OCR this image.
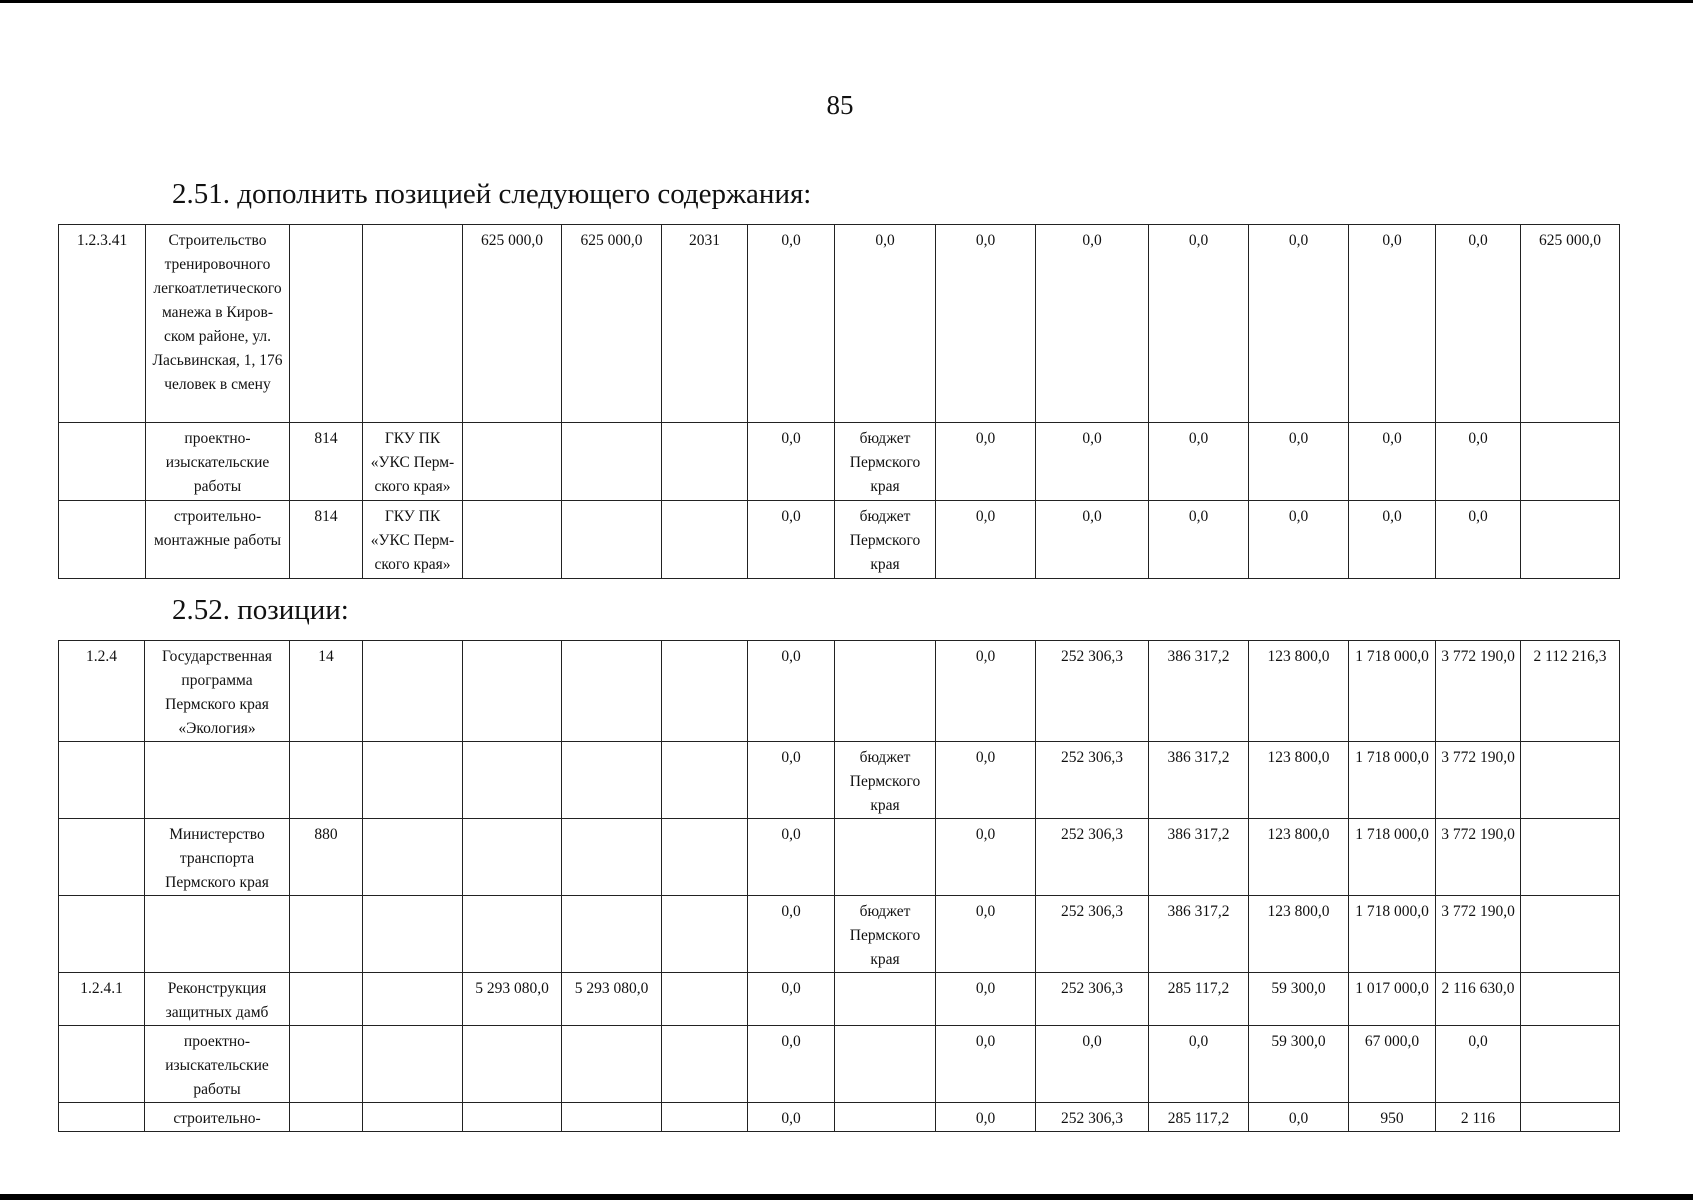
85
2.51. дополнить позицией следующего содержания:
1.2.3.41	Строительство тренировочного легкоатлетического манежа в Киров-ском районе, ул. Ласьвинская, 1, 176 человек в смену			625 000,0	625 000,0	2031	0,0	0,0	0,0	0,0	0,0	0,0	0,0	0,0	625 000,0
	проектно-изыскательские работы	814	ГКУ ПК «УКС Перм-ского края»				0,0	бюджет Пермского края	0,0	0,0	0,0	0,0	0,0	0,0	
	строительно-монтажные работы	814	ГКУ ПК «УКС Перм-ского края»				0,0	бюджет Пермского края	0,0	0,0	0,0	0,0	0,0	0,0	
2.52. позиции:
1.2.4	Государственная программа Пермского края «Экология»	14					0,0		0,0	252 306,3	386 317,2	123 800,0	1 718 000,0	3 772 190,0	2 112 216,3
							0,0	бюджет Пермского края	0,0	252 306,3	386 317,2	123 800,0	1 718 000,0	3 772 190,0	
	Министерство транспорта Пермского края	880					0,0		0,0	252 306,3	386 317,2	123 800,0	1 718 000,0	3 772 190,0	
							0,0	бюджет Пермского края	0,0	252 306,3	386 317,2	123 800,0	1 718 000,0	3 772 190,0	
1.2.4.1	Реконструкция защитных дамб			5 293 080,0	5 293 080,0		0,0		0,0	252 306,3	285 117,2	59 300,0	1 017 000,0	2 116 630,0	
	проектно-изыскательские работы						0,0		0,0	0,0	0,0	59 300,0	67 000,0	0,0	
	строительно-						0,0		0,0	252 306,3	285 117,2	0,0	950	2 116	
